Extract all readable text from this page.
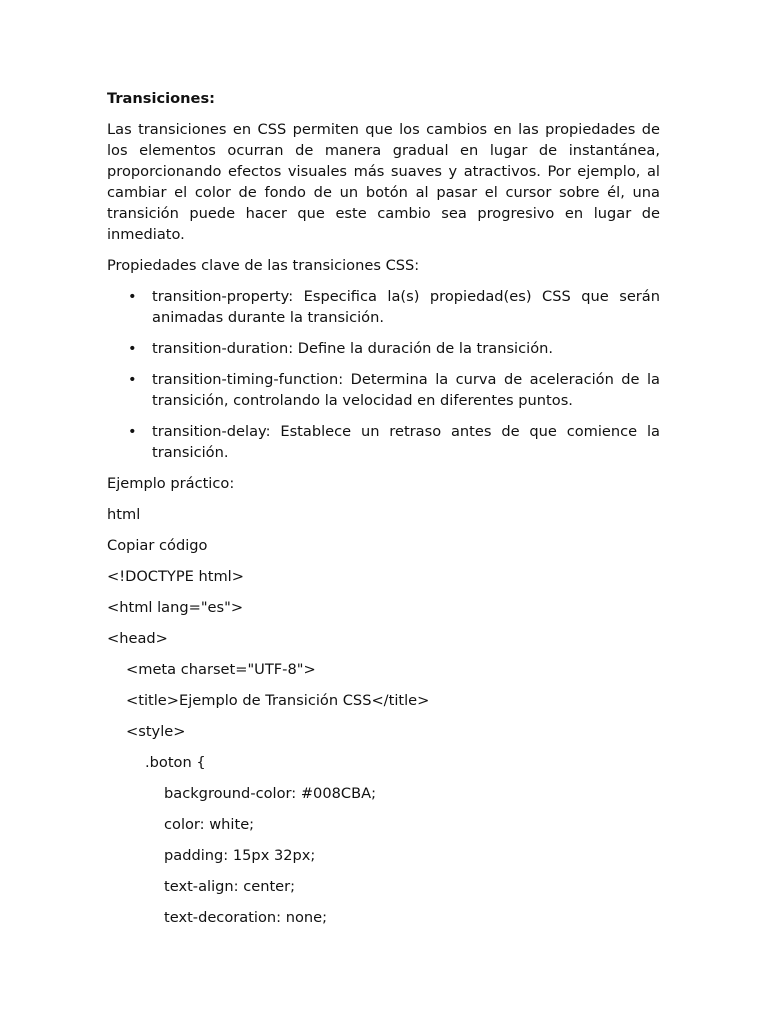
Transiciones:
Las transiciones en CSS permiten que los cambios en las propiedades de los elementos ocurran de manera gradual en lugar de instantánea, proporcionando efectos visuales más suaves y atractivos. Por ejemplo, al cambiar el color de fondo de un botón al pasar el cursor sobre él, una transición puede hacer que este cambio sea progresivo en lugar de inmediato.
Propiedades clave de las transiciones CSS:
• transition-property: Especifica la(s) propiedad(es) CSS que serán animadas durante la transición.
• transition-duration: Define la duración de la transición.
• transition-timing-function: Determina la curva de aceleración de la transición, controlando la velocidad en diferentes puntos.
• transition-delay: Establece un retraso antes de que comience la transición.
Ejemplo práctico:
html
Copiar código
<!DOCTYPE html>
<html lang="es">
<head>
<meta charset="UTF-8">
<title>Ejemplo de Transición CSS</title>
<style>
.boton {
background-color: #008CBA;
color: white;
padding: 15px 32px;
text-align: center;
text-decoration: none;
